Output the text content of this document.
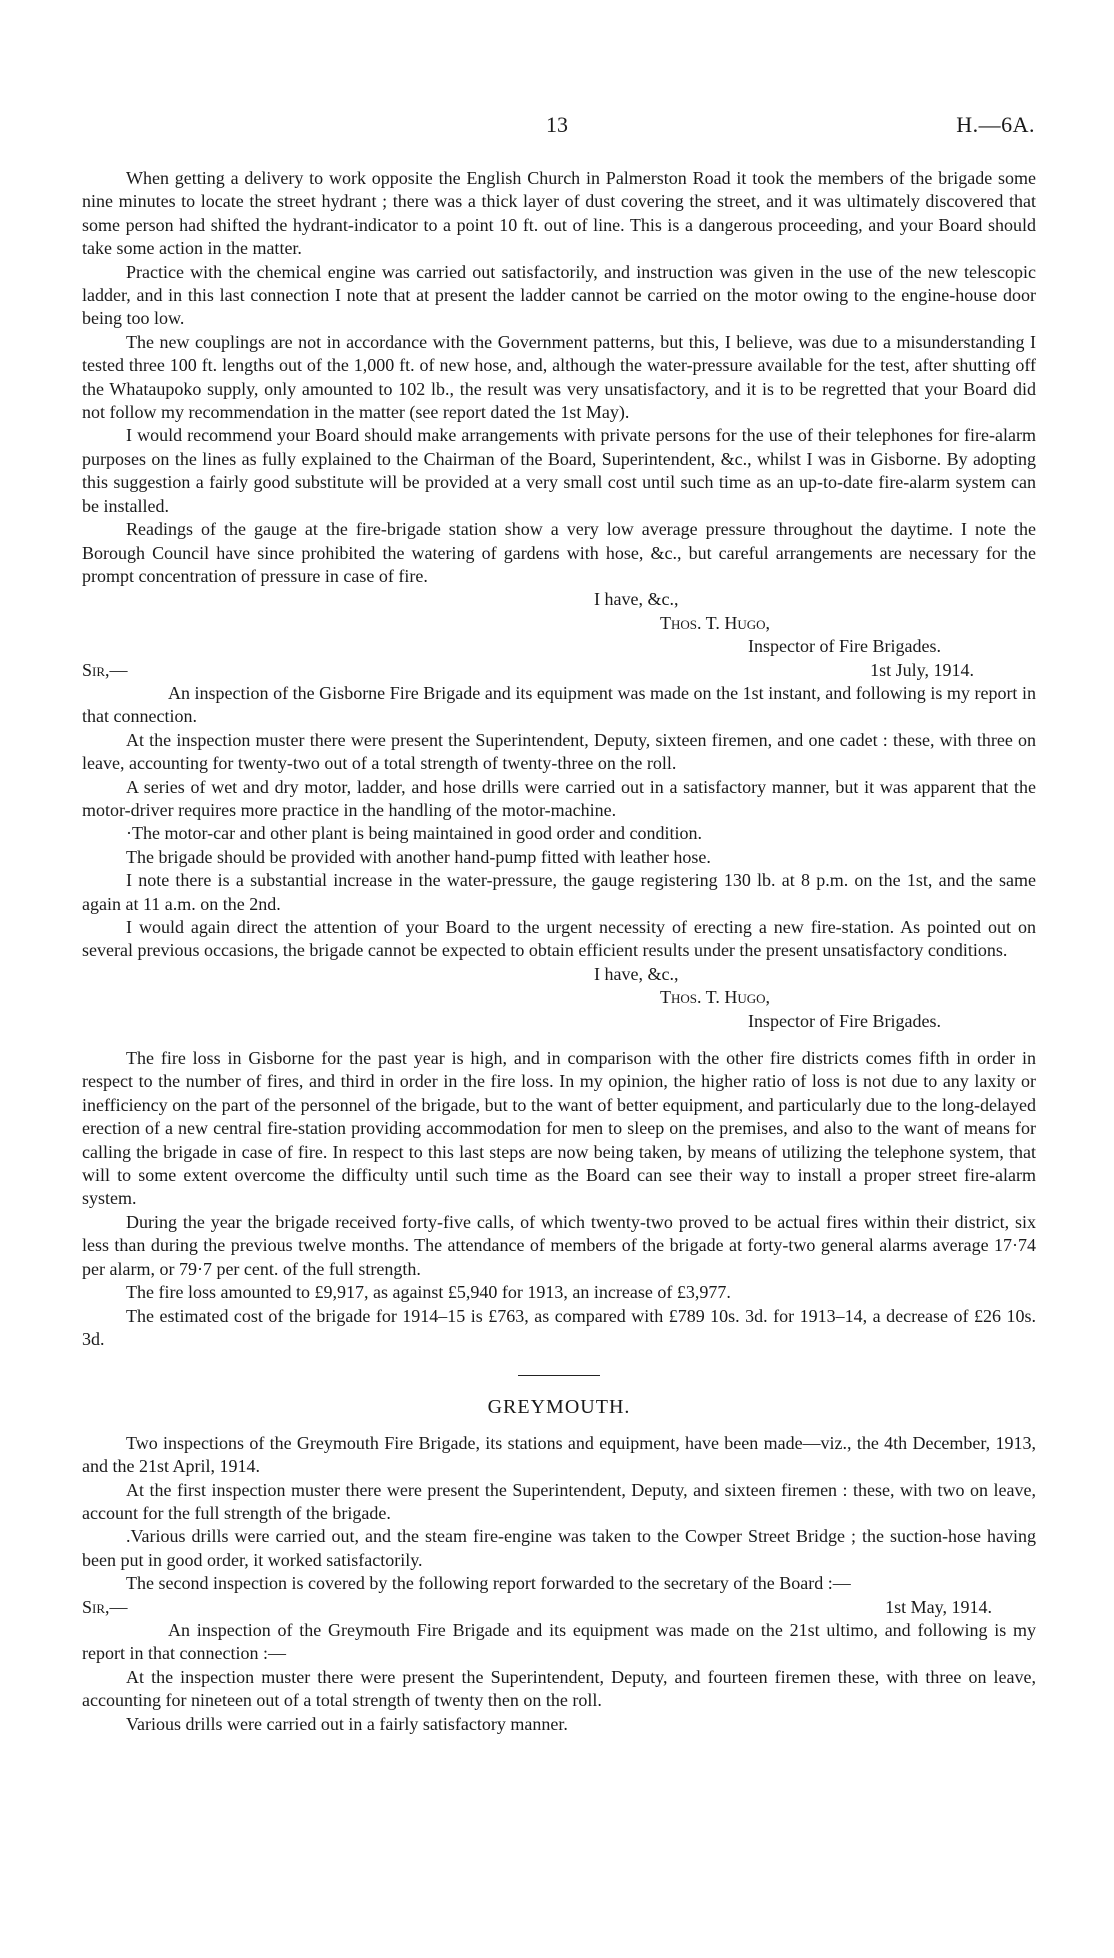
13	H.—6A.

When getting a delivery to work opposite the English Church in Palmerston Road it took the members of the brigade some nine minutes to locate the street hydrant ; there was a thick layer of dust covering the street, and it was ultimately discovered that some person had shifted the hydrant-indicator to a point 10 ft. out of line. This is a dangerous proceeding, and your Board should take some action in the matter.

Practice with the chemical engine was carried out satisfactorily, and instruction was given in the use of the new telescopic ladder, and in this last connection I note that at present the ladder cannot be carried on the motor owing to the engine-house door being too low.

The new couplings are not in accordance with the Government patterns, but this, I believe, was due to a misunderstanding I tested three 100 ft. lengths out of the 1,000 ft. of new hose, and, although the water-pressure available for the test, after shutting off the Whataupoko supply, only amounted to 102 lb., the result was very unsatisfactory, and it is to be regretted that your Board did not follow my recommendation in the matter (see report dated the 1st May).

I would recommend your Board should make arrangements with private persons for the use of their telephones for fire-alarm purposes on the lines as fully explained to the Chairman of the Board, Superintendent, &c., whilst I was in Gisborne. By adopting this suggestion a fairly good substitute will be provided at a very small cost until such time as an up-to-date fire-alarm system can be installed.

Readings of the gauge at the fire-brigade station show a very low average pressure throughout the daytime. I note the Borough Council have since prohibited the watering of gardens with hose, &c., but careful arrangements are necessary for the prompt concentration of pressure in case of fire.

I have, &c.,

Thos. T. Hugo,

Inspector of Fire Brigades.

Sir,—	1st July, 1914.

An inspection of the Gisborne Fire Brigade and its equipment was made on the 1st instant, and following is my report in that connection.

At the inspection muster there were present the Superintendent, Deputy, sixteen firemen, and one cadet : these, with three on leave, accounting for twenty-two out of a total strength of twenty-three on the roll.

A series of wet and dry motor, ladder, and hose drills were carried out in a satisfactory manner, but it was apparent that the motor-driver requires more practice in the handling of the motor-machine.

·The motor-car and other plant is being maintained in good order and condition.

The brigade should be provided with another hand-pump fitted with leather hose.

I note there is a substantial increase in the water-pressure, the gauge registering 130 lb. at 8 p.m. on the 1st, and the same again at 11 a.m. on the 2nd.

I would again direct the attention of your Board to the urgent necessity of erecting a new fire-station. As pointed out on several previous occasions, the brigade cannot be expected to obtain efficient results under the present unsatisfactory conditions.

I have, &c.,

Thos. T. Hugo,

Inspector of Fire Brigades.

The fire loss in Gisborne for the past year is high, and in comparison with the other fire districts comes fifth in order in respect to the number of fires, and third in order in the fire loss. In my opinion, the higher ratio of loss is not due to any laxity or inefficiency on the part of the personnel of the brigade, but to the want of better equipment, and particularly due to the long-delayed erection of a new central fire-station providing accommodation for men to sleep on the premises, and also to the want of means for calling the brigade in case of fire. In respect to this last steps are now being taken, by means of utilizing the telephone system, that will to some extent overcome the difficulty until such time as the Board can see their way to install a proper street fire-alarm system.

During the year the brigade received forty-five calls, of which twenty-two proved to be actual fires within their district, six less than during the previous twelve months. The attendance of members of the brigade at forty-two general alarms average 17·74 per alarm, or 79·7 per cent. of the full strength.

The fire loss amounted to £9,917, as against £5,940 for 1913, an increase of £3,977.

The estimated cost of the brigade for 1914–15 is £763, as compared with £789 10s. 3d. for 1913–14, a decrease of £26 10s. 3d.

GREYMOUTH.

Two inspections of the Greymouth Fire Brigade, its stations and equipment, have been made—viz., the 4th December, 1913, and the 21st April, 1914.

At the first inspection muster there were present the Superintendent, Deputy, and sixteen firemen : these, with two on leave, account for the full strength of the brigade.

.Various drills were carried out, and the steam fire-engine was taken to the Cowper Street Bridge ; the suction-hose having been put in good order, it worked satisfactorily.

The second inspection is covered by the following report forwarded to the secretary of the Board :—

Sir,—	1st May, 1914.

An inspection of the Greymouth Fire Brigade and its equipment was made on the 21st ultimo, and following is my report in that connection :—

At the inspection muster there were present the Superintendent, Deputy, and fourteen firemen these, with three on leave, accounting for nineteen out of a total strength of twenty then on the roll.

Various drills were carried out in a fairly satisfactory manner.
